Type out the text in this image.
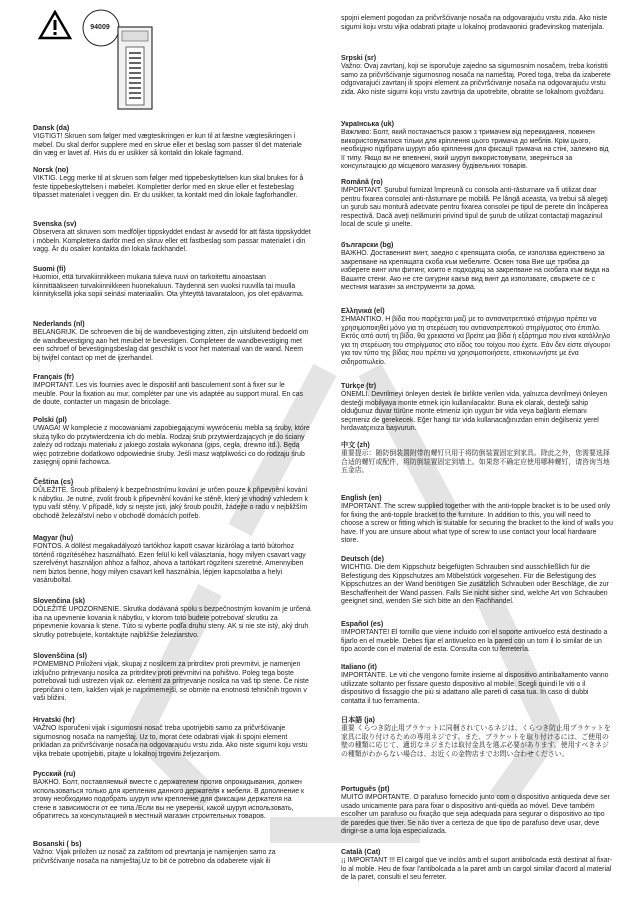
94009
Dansk (da)

VIGTIGT! Skruen som følger med vægtesikringen er kun til at fæstne vægtesikringen i møbel. Du skal derfor supplere med en skrue eller et beslag som passer til det materiale din væg er lavet af. Hvis du er usikker så kontakt din lokale fagmand.

Norsk (no)

VIKTIG. Legg merke til at skruen som følger med tippebeskyttelsen kun skal brukes for å feste tippebeskyttelsen i møbelet. Kompletter derfor med en skrue eller et festebeslag tilpasset materialet i veggen din. Er du usikker, ta kontakt med din lokale fagforhandler.

Svenska (sv)

Observera att skruven som medföljer tippskyddet endast är avsedd för att fästa tippskyddet i möbeln. Komplettera darför med en skruv eller ett fastbeslag som passar materialet i din vagg. Är du osaker kontakta din lokala fackhandel.

Suomi (fi)

Huomioi, että turvakiinnikkeen mukana tuleva ruuvi on tarkoitettu ainoastaan kiinnittääkseen turvakiinnikkeen huonekaluun. Täydennä sen vuoksi ruuvilla tai muulla kiinnityksellä joka sopii seinäsi materiaaliin. Ota yhteyttä tavarataloon, jos olet epävarma.

Nederlands (nl)

BELANGRIJK. De schroeven die bij de wandbevestiging zitten, zijn uitsluitend bedoeld om de wandbevestiging aan het meubel te bevestigen. Completeer de wandbevestiging met een schroef of bevestigingsbeslag dat geschikt is voor het materiaal van de wand. Neem bij twijfel contact op met de ijzerhandel.

Français (fr)

IMPORTANT. Les vis fournies avec le dispositif anti basculement sont à fixer sur le meuble. Pour la fixation au mur, compléter par une vis adaptée au support mural. En cas de doute, contacter un magasin de bricolage.

Polski (pl)

UWAGA! W komplecie z mocowaniami zapobiegającymi wywróceniu mebla są śruby, które służą tylko do przytwierdzenia ich do mebla. Rodzaj śrub przytwierdzających je do ściany zależy od rodzaju materiału z jakiego została wykonana (gips, cegła, drewno itd.). Będą więc potrzebne dodatkowo odpowiednie śruby. Jeśli masz wątpliwości co do rodzaju śrub zasięgnij opinii fachowca.

Čeština (cs)

DŮLEŽITÉ. Šroub přibalený k bezpečnostnímu kování je určen pouze k připevnění kování k nábytku. Je nutné, zvolit šroub k připevnění kování ke stěně, který je vhodný vzhledem k typu vaší stěny. V případě, kdy si nejste jisti, jaký šroub použít, žádejte o radu v nejbližším obchodě železářství nebo v obchodě domácích potřeb.

Magyar (hu)

FONTOS. A döllést megakadályozó tartókhoz kapott csavar kizárólag a tartó bútorhoz történő rögzítéséhez használható. Ezen felül ki kell választania, hogy milyen csavart vagy szerelvényt használjon ahhoz a falhoz, ahova a tartókart rögzíteni szeretné. Amennyiben nem biztos benne, hogy milyen csavart kell használnia, lépjen kapcsolatba a helyi vasáruboltal.

Slovenčina (sk)

DÔLEŽITÉ UPOZORNENIE. Skrutka dodávaná spolu s bezpečnostným kovaním je určená iba na upevnenie kovania k nábytku, v ktorom toto budete potrebovať skrutku za pripevnenie kovania k stene. Túto si vyberte podľa druhu steny. AK si nie ste istý, aký druh skrutky potrebujete, kontaktujte najbližšie železiarstvo.

Slovenščina (sl)

POMEMBNO Priloženi vijak, skupaj z nosilcem za pritrditev proti prevrnitvi, je namenjen izključno pritrjevanju nosilca za pritrditev proti prevrnitvi na pohištvo. Poleg tega boste potrebovali tudi ustrezen vijak oz. element za pritrjevanje nosilca na vaš tip stene. Če niste prepričani o tem, kakšen vijak je najprimernejši, se obrnite na enotnosti tehničnih trgovin v vaši bližini.

Hrvatski (hr)

VAŽNO Isporučeni vijak i sigurnosni nosač treba upotrijebiti samo za pričvršćivanje sigurnosnog nosača na namještaj. Uz to, morat ćete odabrati vijak ili spojni element prikladan za pričvršćivanje nosača na odgovarajuću vrstu zida. Ako niste sigurni koju vrstu vijka trebate upotrijebiti, pitajte u lokalnoj trgovini željezarijom.

Русский (ru)

ВАЖНО. Болт, поставляемый вместе с держателем против опрокидывания, должен использоваться только для крепления данного держателя к мебели. В дополнение к этому необходимо подобрать шуруп или крепление для фиксации держателя на стене в зависимости от ее типа./Если вы не уверены, какой шуруп использовать, обратитесь за консультацией в местный магазин строительных товаров.

Bosanski ( bs)

Važno: Vijak priložen uz nosač za zaštitom od prevrtanja je namijenjen samo za pričvršćivanje nosača na namještaj.Uz to bit će potrebno da odaberete vijak ili

spojni element pogodan za pričvršćivanje nosača na odgovarajuću vrstu zida. Ako niste sigurni koju vrstu vijka odabrati pitajte u lokalnoj prodavaonici građevinskog materijala.

Srpski (sr)

Važno: Ovaj zavrtanj, koji se isporučuje zajedno sa sigurnosnim nosačem, treba koristiti samo za pričvršćivanje sigurnosnog nosača na nameštaj. Pored toga, treba da izaberete odgovarajući zavrtanj ili spojni element za pričvršćivanje nosača na odgovarajuću vrstu zida. Ako niste sigurni koju vrstu zavrtnja da upotrebite, obratite se lokalnom gvožđaru.

Українська (uk)

Важливо: Болт, який постачається разом з тримачем від перекидання, повинен використовуватися тільки для кріплення цього тримача до меблів. Крім цього, необхідно підібрати шуруп або кріплення для фіксації тримача на стіні, залежно від її типу. Якщо ви не впевнені, який шуруп використовувати, зверніться за консультацією до місцевого магазину будівельних товарів.

Română (ro)

IMPORTANT. Şurubul furnizat împreună cu consola anti-răsturnare va fi utilizat doar pentru fixarea consolei anti-răsturnare pe mobilă. Pe lângă aceasta, va trebui să alegeţi un şurub sau montură adecvate pentru fixarea consolei pe tipul de perete din încăperea respectivă. Dacă aveţi nelămuriri privind tipul de şurub de utilizat contactaţi magazinul local de scule şi unelte.

български (bg)

ВАЖНО. Доставеният винт, заедно с крепящата скоба, се използва единствено за закрепване на крепящата скоба към мебелите. Освен това Вие ще трябва да изберете винт или фитинг, които е подходящ за закрепване на скобата към вида на Вашите стени. Ако не сте сигурни какъв вид винт да използвате, свържете се с местния магазин за инструменти за дома.

Ελληνικά (el)

ΣΗΜΑΝΤΙΚΟ. Η βίδα που παρέχεται μαζί με το αντιανατρεπτικό στήριγμα πρέπει να χρησιμοποιηθεί μόνο για τη στερέωση του αντιανατρεπτικού στηρίγματος στο έπιπλο. Εκτός από αυτή τη βίδα, θα χρειαστεί να βρείτε μια βίδα ή εξάρτημα που είναι κατάλληλο για τη στερέωση του στηρίγματος στο είδος του τοίχου που έχετε. Εάν δεν είστε σίγουροι για τον τύπο της βίδας που πρέπει να χρησιμοποιήσετε, επικοινωνήστε με ένα σιδηροπωλείο.

Türkçe (tr)

ÖNEMLİ. Devrilmeyi önleyen destek ile birlikte verilen vida, yalnızca devrilmeyi önleyen desteği mobilyaya monte etmek için kullanılacaktır. Buna ek olarak, desteği sahip olduğunuz duvar türüne monte etmeniz için uygun bir vida veya bağlantı elemanı seçmeniz de gerekecek. Eğer hangi tür vida kullanacağınızdan emin değilseniz yerel hırdavatçınıza başvurun.

中文 (zh)

重要提示：随防倒装置附带的螺钉只用于将防倒装置固定到家具。除此之外，您需要选择合适的螺钉或配件，将防倒装置固定到墙上。如果您不确定应使用哪种螺钉，请咨询当地五金店。

English (en)

IMPORTANT. The screw supplied together with the anti-topple bracket is to be used only for fixing the anti-topple bracket to the furniture. In addition to this, you will need to choose a screw or fitting which is suitable for securing the bracket to the kind of walls you have. If you are unsure about what type of screw to use contact your local hardware store.

Deutsch (de)

WICHTIG. Die dem Kippschutz beigefügten Schrauben sind ausschließlich für die Befestigung des Kippschutzes am Möbelstück vorgesehen. Für die Befestigung des Kippschutzes an der Wand benötigen Sie zusätzlich Schrauben oder Beschläge, die zur Beschaffenheit der Wand passen. Falls Sie nicht sicher sind, welche Art von Schrauben geeignet sind, wenden Sie sich bitte an den Fachhandel.

Español (es)

!IMPORTANTE! El tornillo que viene incluido con el soporte antivuelco está destinado a fijarlo en el mueble. Debes fijar el antivuelco en la pared con un torn il lo similar de un tipo acorde con el material de esta. Consulta con tu ferretería.

Italiano (it)

IMPORTANTE. Le viti che vengono fornite insieme al dispositivo antiribaltamento vanno utilizzate soltanto per fissare questo dispositivo al mobile. Scegli quindi le viti o il dispositivo di fissaggio che più si adattano alle pareti di casa tua. In caso di dubbi contatta il tuo ferramenta.

日本語 (ja)

重要 くらつき防止用ブラケットに同梱されているネジは、くらつき防止用ブラケットを家具に取り付けるための専用ネジです。また、ブラケットを取り付けるには、ご使用の壁の種類に応じて、適切なネジまたは取付金具を選ぶ必要があります。使用すべきネジの種類がわからない場合は、お近くの金物店までお問い合わせください。

Português (pt)

MUITO IMPORTANTE. O parafuso fornecido junto com o dispositivo antiqueda deve ser usado unicamente para para fixar o dispositivo anti-queda ao móvel. Deve também escolher um parafuso ou fixação que seja adequada para segurar o dispositivo ao tipo de paredes que tiver. Se não tiver a certeza de que tipo de parafuso deve usar, deve dirigir-se a uma loja especializada.

Català (Cat)

¡¡ IMPORTANT !!! El cargol que ve inclòs amb el suport antibolcada està destinat al fixar-lo al moble. Heu de fixar l'antibolcada a la paret amb un cargol similar d'acord al material de la paret, consulti el seu ferreter.
